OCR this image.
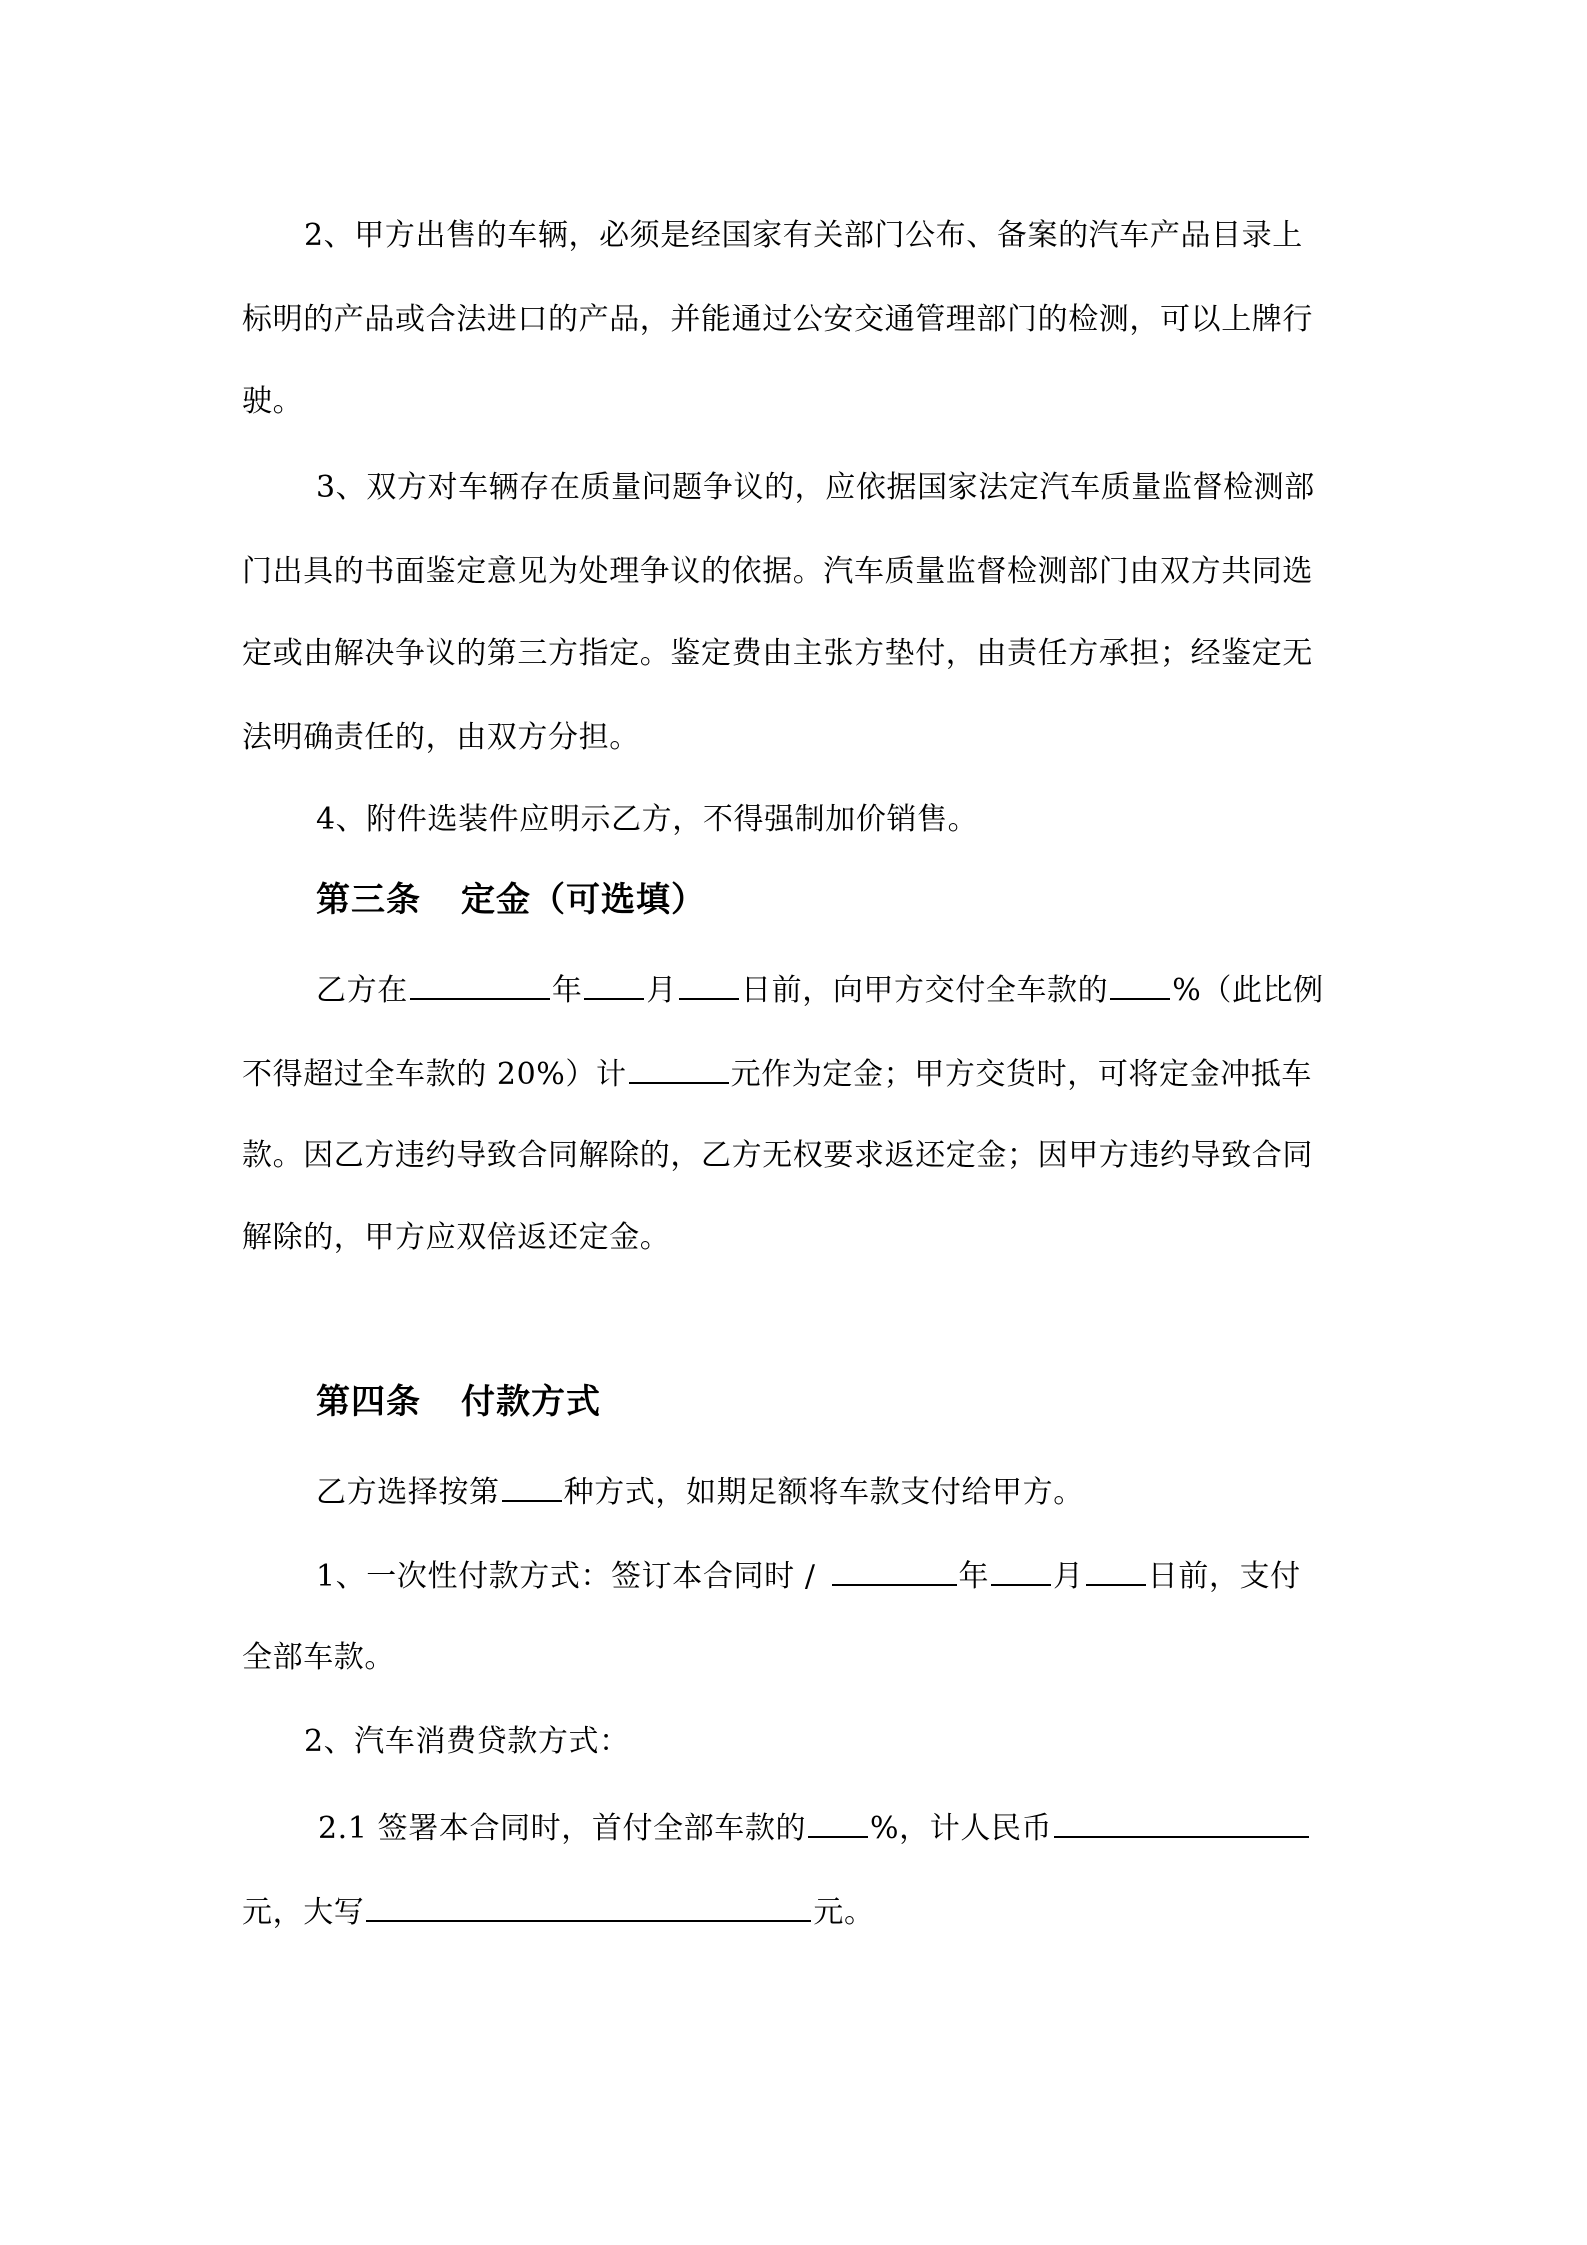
2、甲方出售的车辆，必须是经国家有关部门公布、备案的汽车产品目录上
标明的产品或合法进口的产品，并能通过公安交通管理部门的检测，可以上牌行
驶。
3、双方对车辆存在质量问题争议的，应依据国家法定汽车质量监督检测部
门出具的书面鉴定意见为处理争议的依据。汽车质量监督检测部门由双方共同选
定或由解决争议的第三方指定。鉴定费由主张方垫付，由责任方承担；经鉴定无
法明确责任的，由双方分担。
4、附件选装件应明示乙方，不得强制加价销售。
第三条 定金（可选填）
乙方在	年 月 日前，向甲方交付全车款的 %（此比例
不得超过全车款的 20%）计	元作为定金；甲方交货时，可将定金冲抵车
款。因乙方违约导致合同解除的，乙方无权要求返还定金；因甲方违约导致合同
解除的，甲方应双倍返还定金。
第四条 付款方式
乙方选择按第 种方式，如期足额将车款支付给甲方。
1、一次性付款方式：签订本合同时 /	年 月 日前，支付
全部车款。
2、汽车消费贷款方式：
2.1 签署本合同时，首付全部车款的 %，计人民币
元，大写	元。
